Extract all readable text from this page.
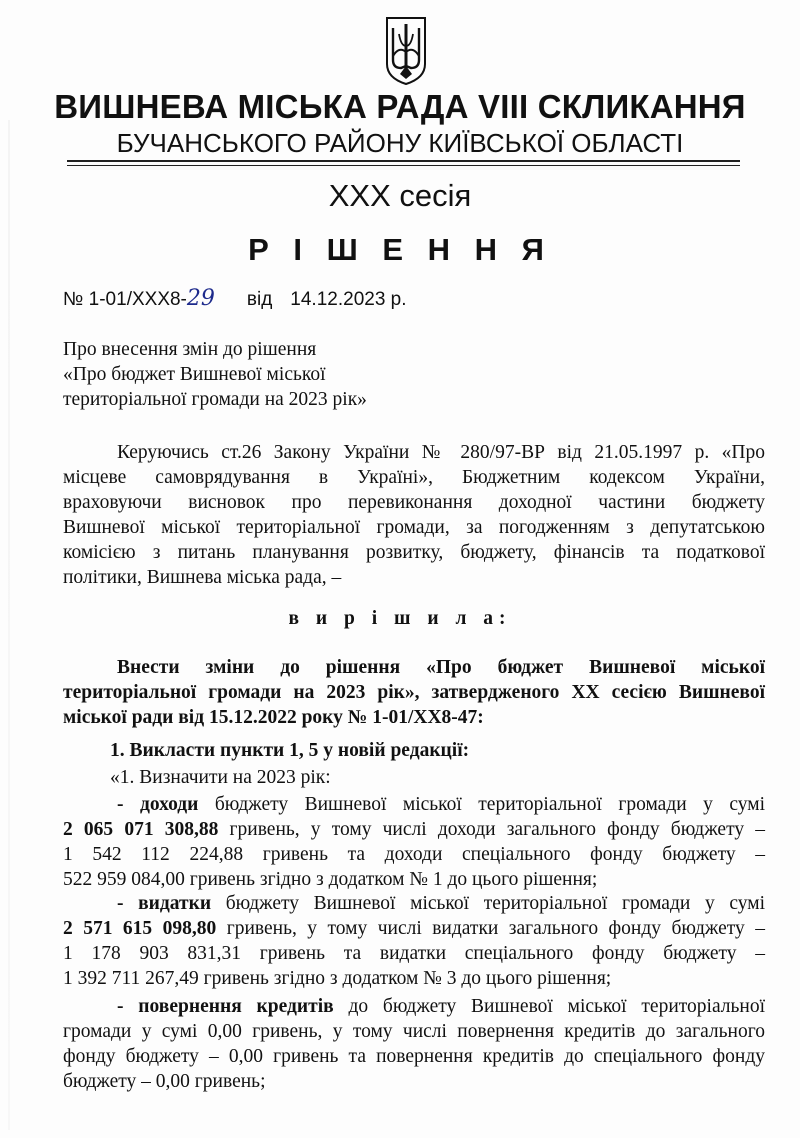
ВИШНЕВА МІСЬКА РАДА VIII СКЛИКАННЯ
БУЧАНСЬКОГО РАЙОНУ КИЇВСЬКОЇ ОБЛАСТІ
XXX сесія
Р І Ш Е Н Н Я
№ 1-01/XXX8-29 від 14.12.2023 р.
Про внесення змін до рішення
«Про бюджет Вишневої міської
територіальної громади на 2023 рік»
Керуючись ст.26 Закону України № 280/97-ВР від 21.05.1997 р. «Про
місцеве самоврядування в Україні», Бюджетним кодексом України,
враховуючи висновок про перевиконання доходної частини бюджету
Вишневої міської територіальної громади, за погодженням з депутатською
комісією з питань планування розвитку, бюджету, фінансів та податкової
політики, Вишнева міська рада, –
в и р і ш и л а:
Внести зміни до рішення «Про бюджет Вишневої міської
територіальної громади на 2023 рік», затвердженого XX сесією Вишневої
міської ради від 15.12.2022 року № 1-01/XX8-47:
1. Викласти пункти 1, 5 у новій редакції:
«1. Визначити на 2023 рік:
- доходи бюджету Вишневої міської територіальної громади у сумі
2 065 071 308,88 гривень, у тому числі доходи загального фонду бюджету –
1 542 112 224,88 гривень та доходи спеціального фонду бюджету –
522 959 084,00 гривень згідно з додатком № 1 до цього рішення;
- видатки бюджету Вишневої міської територіальної громади у сумі
2 571 615 098,80 гривень, у тому числі видатки загального фонду бюджету –
1 178 903 831,31 гривень та видатки спеціального фонду бюджету –
1 392 711 267,49 гривень згідно з додатком № 3 до цього рішення;
- повернення кредитів до бюджету Вишневої міської територіальної
громади у сумі 0,00 гривень, у тому числі повернення кредитів до загального
фонду бюджету – 0,00 гривень та повернення кредитів до спеціального фонду
бюджету – 0,00 гривень;
